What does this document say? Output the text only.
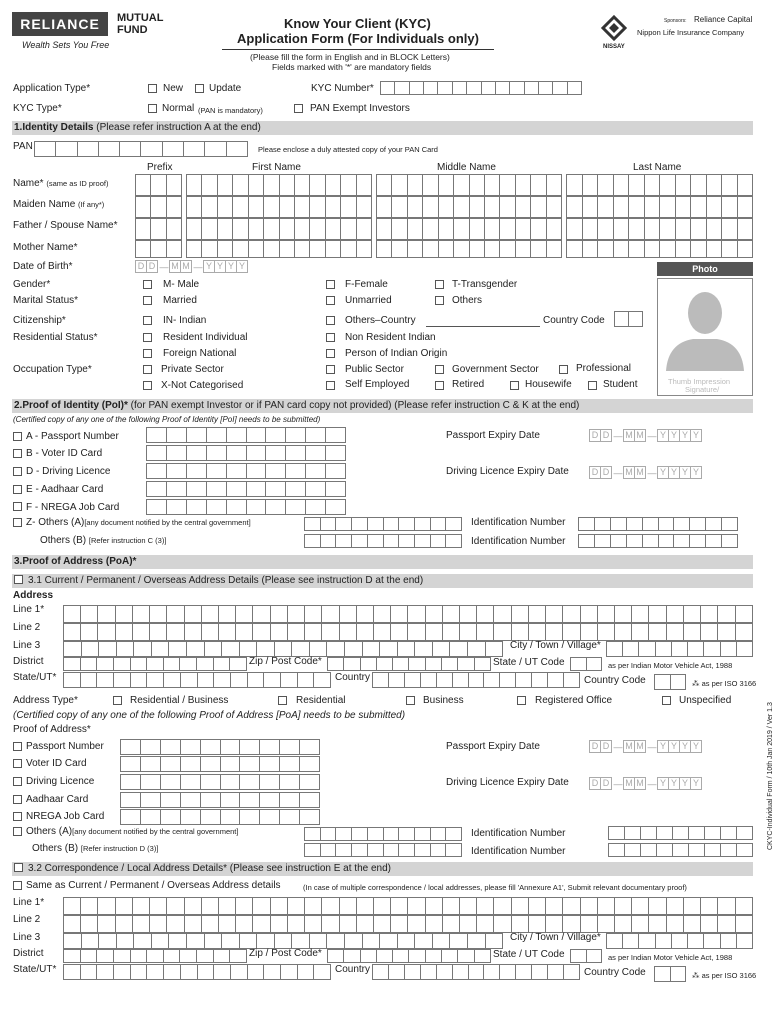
RELIANCE	MUTUAL FUND
Wealth Sets You Free
Know Your Client (KYC)
Application Form (For Individuals only)
(Please fill the form in English and in BLOCK Letters)
Fields marked with '*' are mandatory fields
NISSAY
Sponsors: Reliance Capital
Nippon Life Insurance Company
Application Type*	New	Update	KYC Number*
KYC Type*	Normal (PAN is mandatory)	PAN Exempt Investors
1.Identity Details (Please refer instruction A at the end)
PAN	Please enclose a duly attested copy of your PAN Card
Prefix	First Name	Middle Name	Last Name
Name* (same as ID proof)
Maiden Name (If any*)
Father / Spouse Name*
Mother Name*
Date of Birth*	D D — M M — Y Y Y Y	Photo
Thumb Impression
Signature/
Gender*	M- Male	F-Female	T-Transgender
Marital Status*	Married	Unmarried	Others
Citizenship*	IN- Indian	Others–Country	Country Code
Residential Status*	Resident Individual	Non Resident Indian
Foreign National	Person of Indian Origin
Occupation Type*	Private Sector	Public Sector	Government Sector	Professional
X-Not Categorised	Self Employed	Retired	Housewife	Student
2.Proof of Identity (PoI)* (for PAN exempt Investor or if PAN card copy not provided) (Please refer instruction C & K at the end)
(Certified copy of any one of the following Proof of Identity [PoI] needs to be submitted)
A - Passport Number	Passport Expiry Date	D D — M M — Y Y Y Y
B - Voter ID Card
D - Driving Licence	Driving Licence Expiry Date	D D — M M — Y Y Y Y
E - Aadhaar Card
F - NREGA Job Card
Z- Others (A)[any document notified by the central government]	Identification Number
Others (B) [Refer instruction C (3)]	Identification Number
3.Proof of Address (PoA)*
3.1 Current / Permanent / Overseas Address Details (Please see instruction D at the end)
Address
Line 1*
Line 2
Line 3	City / Town / Village*
District	Zip / Post Code*	State / UT Code	as per Indian Motor Vehicle Act, 1988
State/UT*	Country	Country Code	⁂ as per ISO 3166
Address Type*	Residential / Business	Residential	Business	Registered Office	Unspecified
(Certified copy of any one of the following Proof of Address [PoA] needs to be submitted)
Proof of Address*
Passport Number	Passport Expiry Date	D D — M M — Y Y Y Y
Voter ID Card
Driving Licence	Driving Licence Expiry Date	D D — M M — Y Y Y Y
Aadhaar Card
NREGA Job Card
Others (A)[any document notified by the central government]	Identification Number
Others (B) [Refer instruction D (3)]	Identification Number
3.2 Correspondence / Local Address Details* (Please see instruction E at the end)
Same as Current / Permanent / Overseas Address details	(In case of multiple correspondence / local addresses, please fill 'Annexure A1', Submit relevant documentary proof)
Line 1*
Line 2
Line 3	City / Town / Village*
District	Zip / Post Code*	State / UT Code	as per Indian Motor Vehicle Act, 1988
State/UT*	Country	Country Code	⁂ as per ISO 3166
CKYC-Individual Form / 10th Jan 2019 / Ver 1.3
